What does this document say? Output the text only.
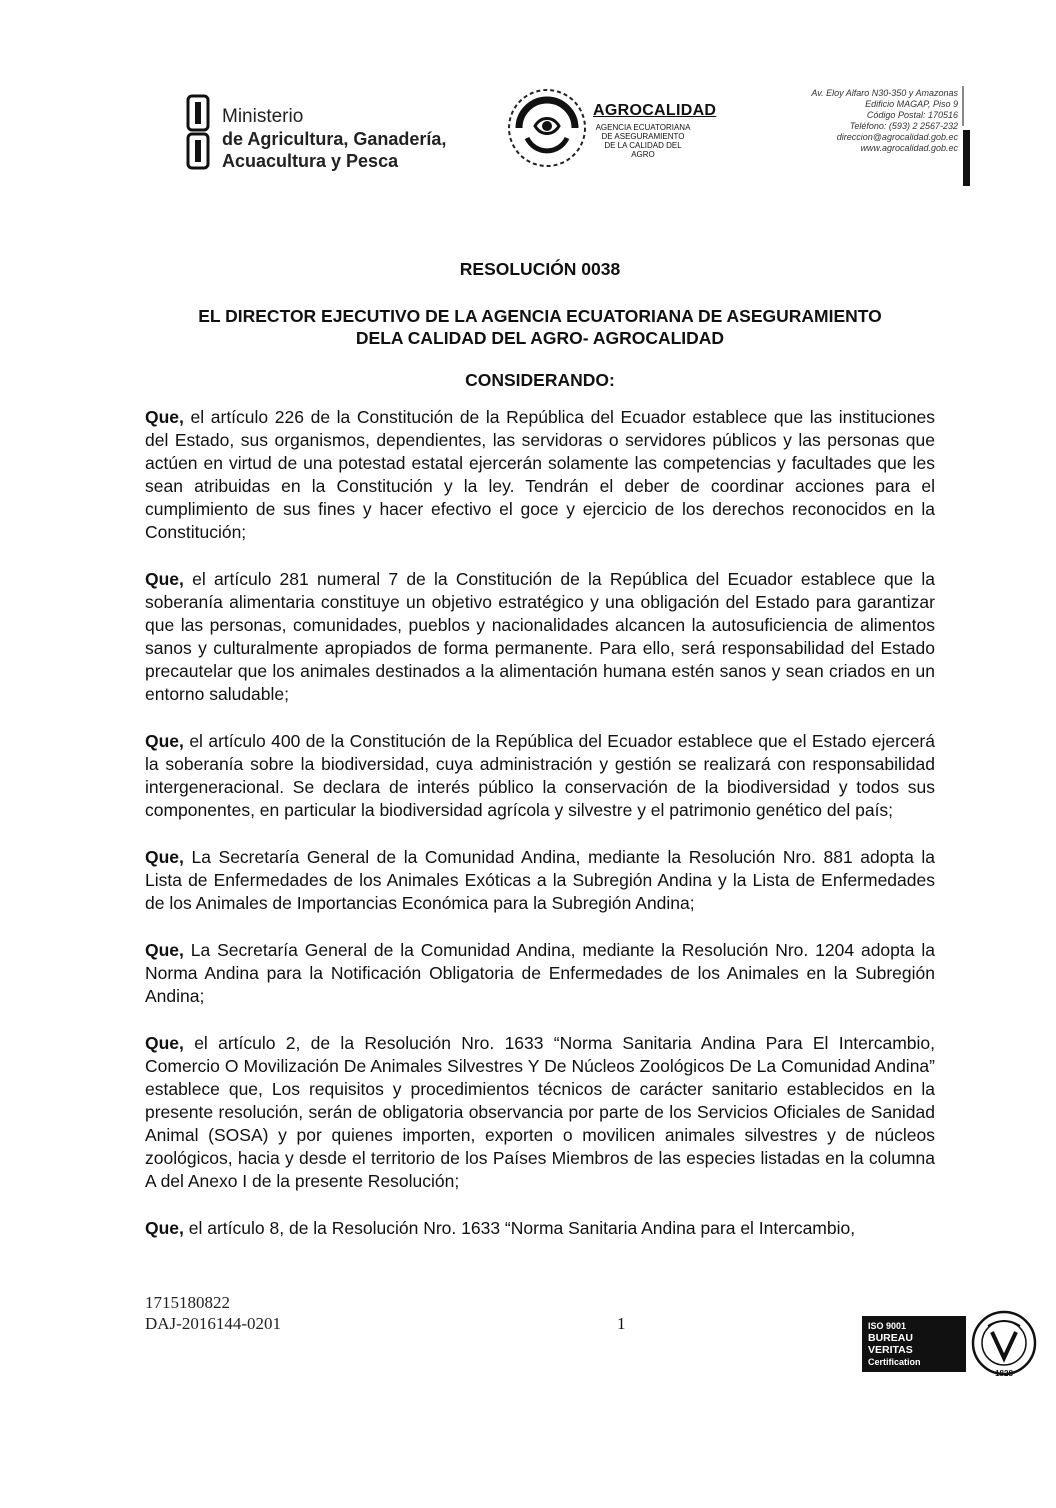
Ministerio
de Agricultura, Ganadería,
Acuacultura y Pesca
AGROCALIDAD
AGENCIA ECUATORIANA
DE ASEGURAMIENTO
DE LA CALIDAD DEL AGRO
Av. Eloy Alfaro N30-350 y Amazonas
Edificio MAGAP, Piso 9
Código Postal: 170516
Teléfono: (593) 2 2567-232
direccion@agrocalidad.gob.ec
www.agrocalidad.gob.ec
RESOLUCIÓN 0038
EL DIRECTOR EJECUTIVO DE LA AGENCIA ECUATORIANA DE ASEGURAMIENTO
DELA CALIDAD DEL AGRO- AGROCALIDAD
CONSIDERANDO:

Que, el artículo 226 de la Constitución de la República del Ecuador establece que las instituciones del Estado, sus organismos, dependientes, las servidoras o servidores públicos y las personas que actúen en virtud de una potestad estatal ejercerán solamente las competencias y facultades que les sean atribuidas en la Constitución y la ley. Tendrán el deber de coordinar acciones para el cumplimiento de sus fines y hacer efectivo el goce y ejercicio de los derechos reconocidos en la Constitución;

Que, el artículo 281 numeral 7 de la Constitución de la República del Ecuador establece que la soberanía alimentaria constituye un objetivo estratégico y una obligación del Estado para garantizar que las personas, comunidades, pueblos y nacionalidades alcancen la autosuficiencia de alimentos sanos y culturalmente apropiados de forma permanente. Para ello, será responsabilidad del Estado precautelar que los animales destinados a la alimentación humana estén sanos y sean criados en un entorno saludable;

Que, el artículo 400 de la Constitución de la República del Ecuador establece que el Estado ejercerá la soberanía sobre la biodiversidad, cuya administración y gestión se realizará con responsabilidad intergeneracional. Se declara de interés público la conservación de la biodiversidad y todos sus componentes, en particular la biodiversidad agrícola y silvestre y el patrimonio genético del país;

Que, La Secretaría General de la Comunidad Andina, mediante la Resolución Nro. 881 adopta la Lista de Enfermedades de los Animales Exóticas a la Subregión Andina y la Lista de Enfermedades de los Animales de Importancias Económica para la Subregión Andina;

Que, La Secretaría General de la Comunidad Andina, mediante la Resolución Nro. 1204 adopta la Norma Andina para la Notificación Obligatoria de Enfermedades de los Animales en la Subregión Andina;

Que, el artículo 2, de la Resolución Nro. 1633 “Norma Sanitaria Andina Para El Intercambio, Comercio O Movilización De Animales Silvestres Y De Núcleos Zoológicos De La Comunidad Andina” establece que, Los requisitos y procedimientos técnicos de carácter sanitario establecidos en la presente resolución, serán de obligatoria observancia por parte de los Servicios Oficiales de Sanidad Animal (SOSA) y por quienes importen, exporten o movilicen animales silvestres y de núcleos zoológicos, hacia y desde el territorio de los Países Miembros de las especies listadas en la columna A del Anexo I de la presente Resolución;

Que, el artículo 8, de la Resolución Nro. 1633 “Norma Sanitaria Andina para el Intercambio,

1715180822
DAJ-2016144-0201	1	ISO 9001
BUREAU VERITAS
Certification
1828
